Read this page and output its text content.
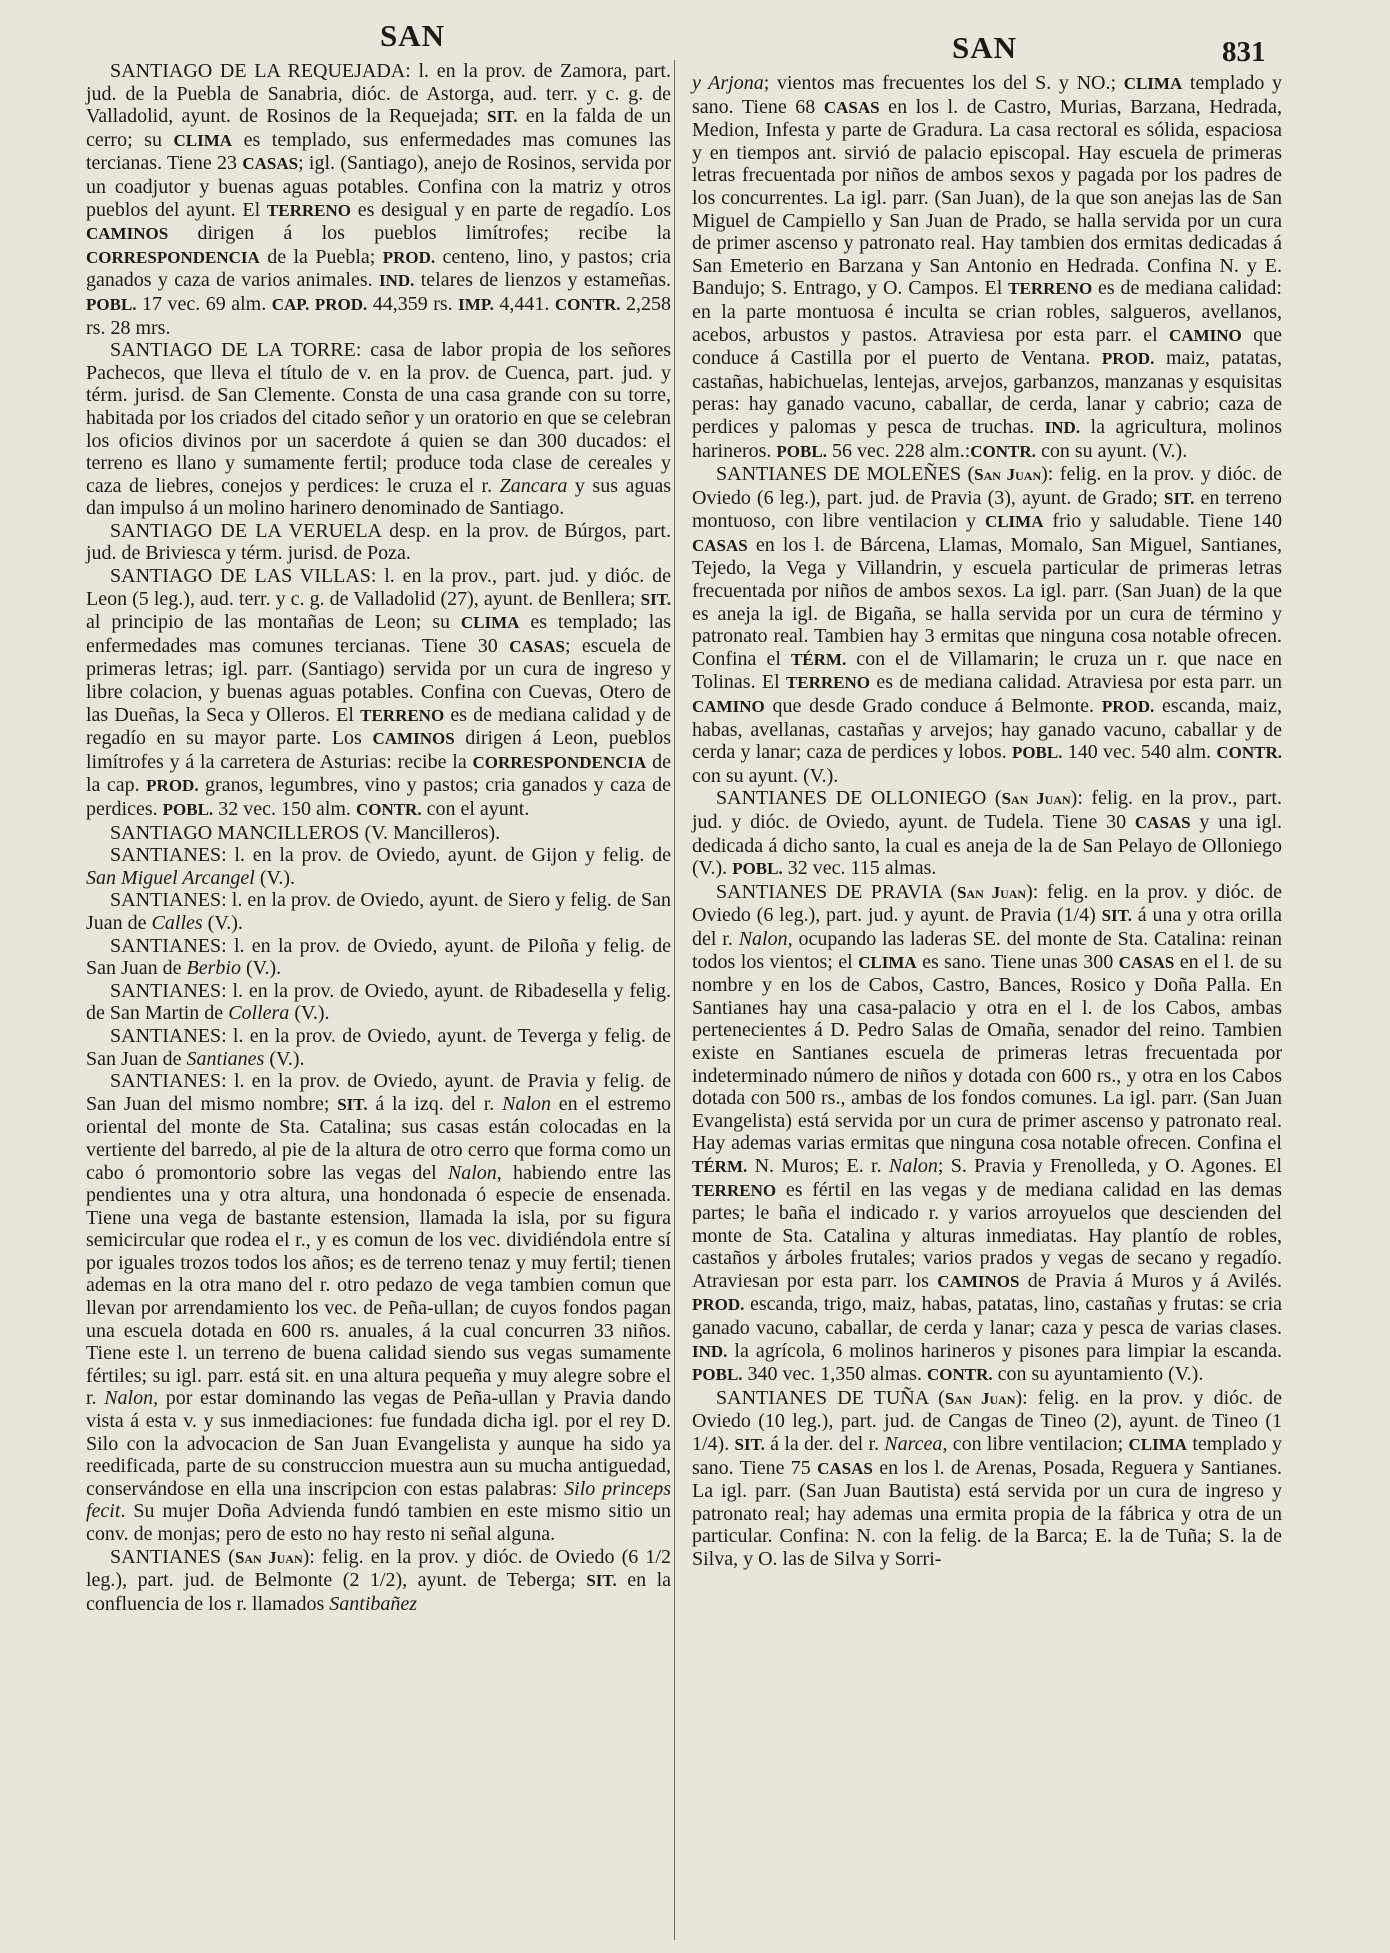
SAN	SAN	831

SANTIAGO DE LA REQUEJADA: l. en la prov. de Zamora, part. jud. de la Puebla de Sanabria, dióc. de Astorga, aud. terr. y c. g. de Valladolid, ayunt. de Rosinos de la Requejada; SIT. en la falda de un cerro; su CLIMA es templado, sus enfermedades mas comunes las tercianas. Tiene 23 CASAS; igl. (Santiago), anejo de Rosinos, servida por un coadjutor y buenas aguas potables. Confina con la matriz y otros pueblos del ayunt. El TERRENO es desigual y en parte de regadío. Los CAMINOS dirigen á los pueblos limítrofes; recibe la CORRESPONDENCIA de la Puebla; PROD. centeno, lino, y pastos; cria ganados y caza de varios animales. IND. telares de lienzos y estameñas. POBL. 17 vec. 69 alm. CAP. PROD. 44,359 rs. IMP. 4,441. CONTR. 2,258 rs. 28 mrs.

SANTIAGO DE LA TORRE: casa de labor propia de los señores Pachecos, que lleva el título de v. en la prov. de Cuenca, part. jud. y térm. jurisd. de San Clemente. Consta de una casa grande con su torre, habitada por los criados del citado señor y un oratorio en que se celebran los oficios divinos por un sacerdote á quien se dan 300 ducados: el terreno es llano y sumamente fertil; produce toda clase de cereales y caza de liebres, conejos y perdices: le cruza el r. Zancara y sus aguas dan impulso á un molino harinero denominado de Santiago.

SANTIAGO DE LA VERUELA desp. en la prov. de Búrgos, part. jud. de Briviesca y térm. jurisd. de Poza.

SANTIAGO DE LAS VILLAS: l. en la prov., part. jud. y dióc. de Leon (5 leg.), aud. terr. y c. g. de Valladolid (27), ayunt. de Benllera; SIT. al principio de las montañas de Leon; su CLIMA es templado; las enfermedades mas comunes tercianas. Tiene 30 CASAS; escuela de primeras letras; igl. parr. (Santiago) servida por un cura de ingreso y libre colacion, y buenas aguas potables. Confina con Cuevas, Otero de las Dueñas, la Seca y Olleros. El TERRENO es de mediana calidad y de regadío en su mayor parte. Los CAMINOS dirigen á Leon, pueblos limítrofes y á la carretera de Asturias: recibe la CORRESPONDENCIA de la cap. PROD. granos, legumbres, vino y pastos; cria ganados y caza de perdices. POBL. 32 vec. 150 alm. CONTR. con el ayunt.

SANTIAGO MANCILLEROS (V. Mancilleros).

SANTIANES: l. en la prov. de Oviedo, ayunt. de Gijon y felig. de San Miguel Arcangel (V.).

SANTIANES: l. en la prov. de Oviedo, ayunt. de Siero y felig. de San Juan de Calles (V.).

SANTIANES: l. en la prov. de Oviedo, ayunt. de Piloña y felig. de San Juan de Berbio (V.).

SANTIANES: l. en la prov. de Oviedo, ayunt. de Ribadesella y felig. de San Martin de Collera (V.).

SANTIANES: l. en la prov. de Oviedo, ayunt. de Teverga y felig. de San Juan de Santianes (V.).

SANTIANES: l. en la prov. de Oviedo, ayunt. de Pravia y felig. de San Juan del mismo nombre; SIT. á la izq. del r. Nalon en el estremo oriental del monte de Sta. Catalina; sus casas están colocadas en la vertiente del barredo, al pie de la altura de otro cerro que forma como un cabo ó promontorio sobre las vegas del Nalon, habiendo entre las pendientes una y otra altura, una hondonada ó especie de ensenada. Tiene una vega de bastante estension, llamada la isla, por su figura semicircular que rodea el r., y es comun de los vec. dividiéndola entre sí por iguales trozos todos los años; es de terreno tenaz y muy fertil; tienen ademas en la otra mano del r. otro pedazo de vega tambien comun que llevan por arrendamiento los vec. de Peña-ullan; de cuyos fondos pagan una escuela dotada en 600 rs. anuales, á la cual concurren 33 niños. Tiene este l. un terreno de buena calidad siendo sus vegas sumamente fértiles; su igl. parr. está sit. en una altura pequeña y muy alegre sobre el r. Nalon, por estar dominando las vegas de Peña-ullan y Pravia dando vista á esta v. y sus inmediaciones: fue fundada dicha igl. por el rey D. Silo con la advocacion de San Juan Evangelista y aunque ha sido ya reedificada, parte de su construccion muestra aun su mucha antiguedad, conservándose en ella una inscripcion con estas palabras: Silo princeps fecit. Su mujer Doña Adviendа fundó tambien en este mismo sitio un conv. de monjas; pero de esto no hay resto ni señal alguna.

SANTIANES (San Juan): felig. en la prov. y dióc. de Oviedo (6 1/2 leg.), part. jud. de Belmonte (2 1/2), ayunt. de Teberga; SIT. en la confluencia de los r. llamados Santibañez

y Arjona; vientos mas frecuentes los del S. y NO.; CLIMA templado y sano. Tiene 68 CASAS en los l. de Castro, Murias, Barzana, Hedrada, Medion, Infesta y parte de Gradura. La casa rectoral es sólida, espaciosa y en tiempos ant. sirvió de palacio episcopal. Hay escuela de primeras letras frecuentada por niños de ambos sexos y pagada por los padres de los concurrentes. La igl. parr. (San Juan), de la que son anejas las de San Miguel de Campiello y San Juan de Prado, se halla servida por un cura de primer ascenso y patronato real. Hay tambien dos ermitas dedicadas á San Emeterio en Barzana y San Antonio en Hedrada. Confina N. y E. Bandujo; S. Entrago, y O. Campos. El TERRENO es de mediana calidad: en la parte montuosa é inculta se crian robles, salgueros, avellanos, acebos, arbustos y pastos. Atraviesa por esta parr. el CAMINO que conduce á Castilla por el puerto de Ventana. PROD. maiz, patatas, castañas, habichuelas, lentejas, arvejos, garbanzos, manzanas y esquisitas peras: hay ganado vacuno, caballar, de cerda, lanar y cabrio; caza de perdices y palomas y pesca de truchas. IND. la agricultura, molinos harineros. POBL. 56 vec. 228 alm.:CONTR. con su ayunt. (V.).

SANTIANES DE MOLEÑES (San Juan): felig. en la prov. y dióc. de Oviedo (6 leg.), part. jud. de Pravia (3), ayunt. de Grado; SIT. en terreno montuoso, con libre ventilacion y CLIMA frio y saludable. Tiene 140 CASAS en los l. de Bárcena, Llamas, Momalo, San Miguel, Santianes, Tejedo, la Vega y Villandrin, y escuela particular de primeras letras frecuentada por niños de ambos sexos. La igl. parr. (San Juan) de la que es aneja la igl. de Bigaña, se halla servida por un cura de término y patronato real. Tambien hay 3 ermitas que ninguna cosa notable ofrecen. Confina el TÉRM. con el de Villamarin; le cruza un r. que nace en Tolinas. El TERRENO es de mediana calidad. Atraviesa por esta parr. un CAMINO que desde Grado conduce á Belmonte. PROD. escanda, maiz, habas, avellanas, castañas y arvejos; hay ganado vacuno, caballar y de cerda y lanar; caza de perdices y lobos. POBL. 140 vec. 540 alm. CONTR. con su ayunt. (V.).

SANTIANES DE OLLONIEGO (San Juan): felig. en la prov., part. jud. y dióc. de Oviedo, ayunt. de Tudela. Tiene 30 CASAS y una igl. dedicada á dicho santo, la cual es aneja de la de San Pelayo de Olloniego (V.). POBL. 32 vec. 115 almas.

SANTIANES DE PRAVIA (San Juan): felig. en la prov. y dióc. de Oviedo (6 leg.), part. jud. y ayunt. de Pravia (1/4) SIT. á una y otra orilla del r. Nalon, ocupando las laderas SE. del monte de Sta. Catalina: reinan todos los vientos; el CLIMA es sano. Tiene unas 300 CASAS en el l. de su nombre y en los de Cabos, Castro, Bances, Rosico y Doña Palla. En Santianes hay una casa-palacio y otra en el l. de los Cabos, ambas pertenecientes á D. Pedro Salas de Omaña, senador del reino. Tambien existe en Santianes escuela de primeras letras frecuentada por indeterminado número de niños y dotada con 600 rs., y otra en los Cabos dotada con 500 rs., ambas de los fondos comunes. La igl. parr. (San Juan Evangelista) está servida por un cura de primer ascenso y patronato real. Hay ademas varias ermitas que ninguna cosa notable ofrecen. Confina el TÉRM. N. Muros; E. r. Nalon; S. Pravia y Frenolleda, y O. Agones. El TERRENO es fértil en las vegas y de mediana calidad en las demas partes; le baña el indicado r. y varios arroyuelos que descienden del monte de Sta. Catalina y alturas inmediatas. Hay plantío de robles, castaños y árboles frutales; varios prados y vegas de secano y regadío. Atraviesan por esta parr. los CAMINOS de Pravia á Muros y á Avilés. PROD. escanda, trigo, maiz, habas, patatas, lino, castañas y frutas: se cria ganado vacuno, caballar, de cerda y lanar; caza y pesca de varias clases. IND. la agrícola, 6 molinos harineros y pisones para limpiar la escanda. POBL. 340 vec. 1,350 almas. CONTR. con su ayuntamiento (V.).

SANTIANES DE TUÑA (San Juan): felig. en la prov. y dióc. de Oviedo (10 leg.), part. jud. de Cangas de Tineo (2), ayunt. de Tineo (1 1/4). SIT. á la der. del r. Narcea, con libre ventilacion; CLIMA templado y sano. Tiene 75 CASAS en los l. de Arenas, Posada, Reguera y Santianes. La igl. parr. (San Juan Bautista) está servida por un cura de ingreso y patronato real; hay ademas una ermita propia de la fábrica y otra de un particular. Confina: N. con la felig. de la Barca; E. la de Tuña; S. la de Silva, y O. las de Silva y Sorri-
